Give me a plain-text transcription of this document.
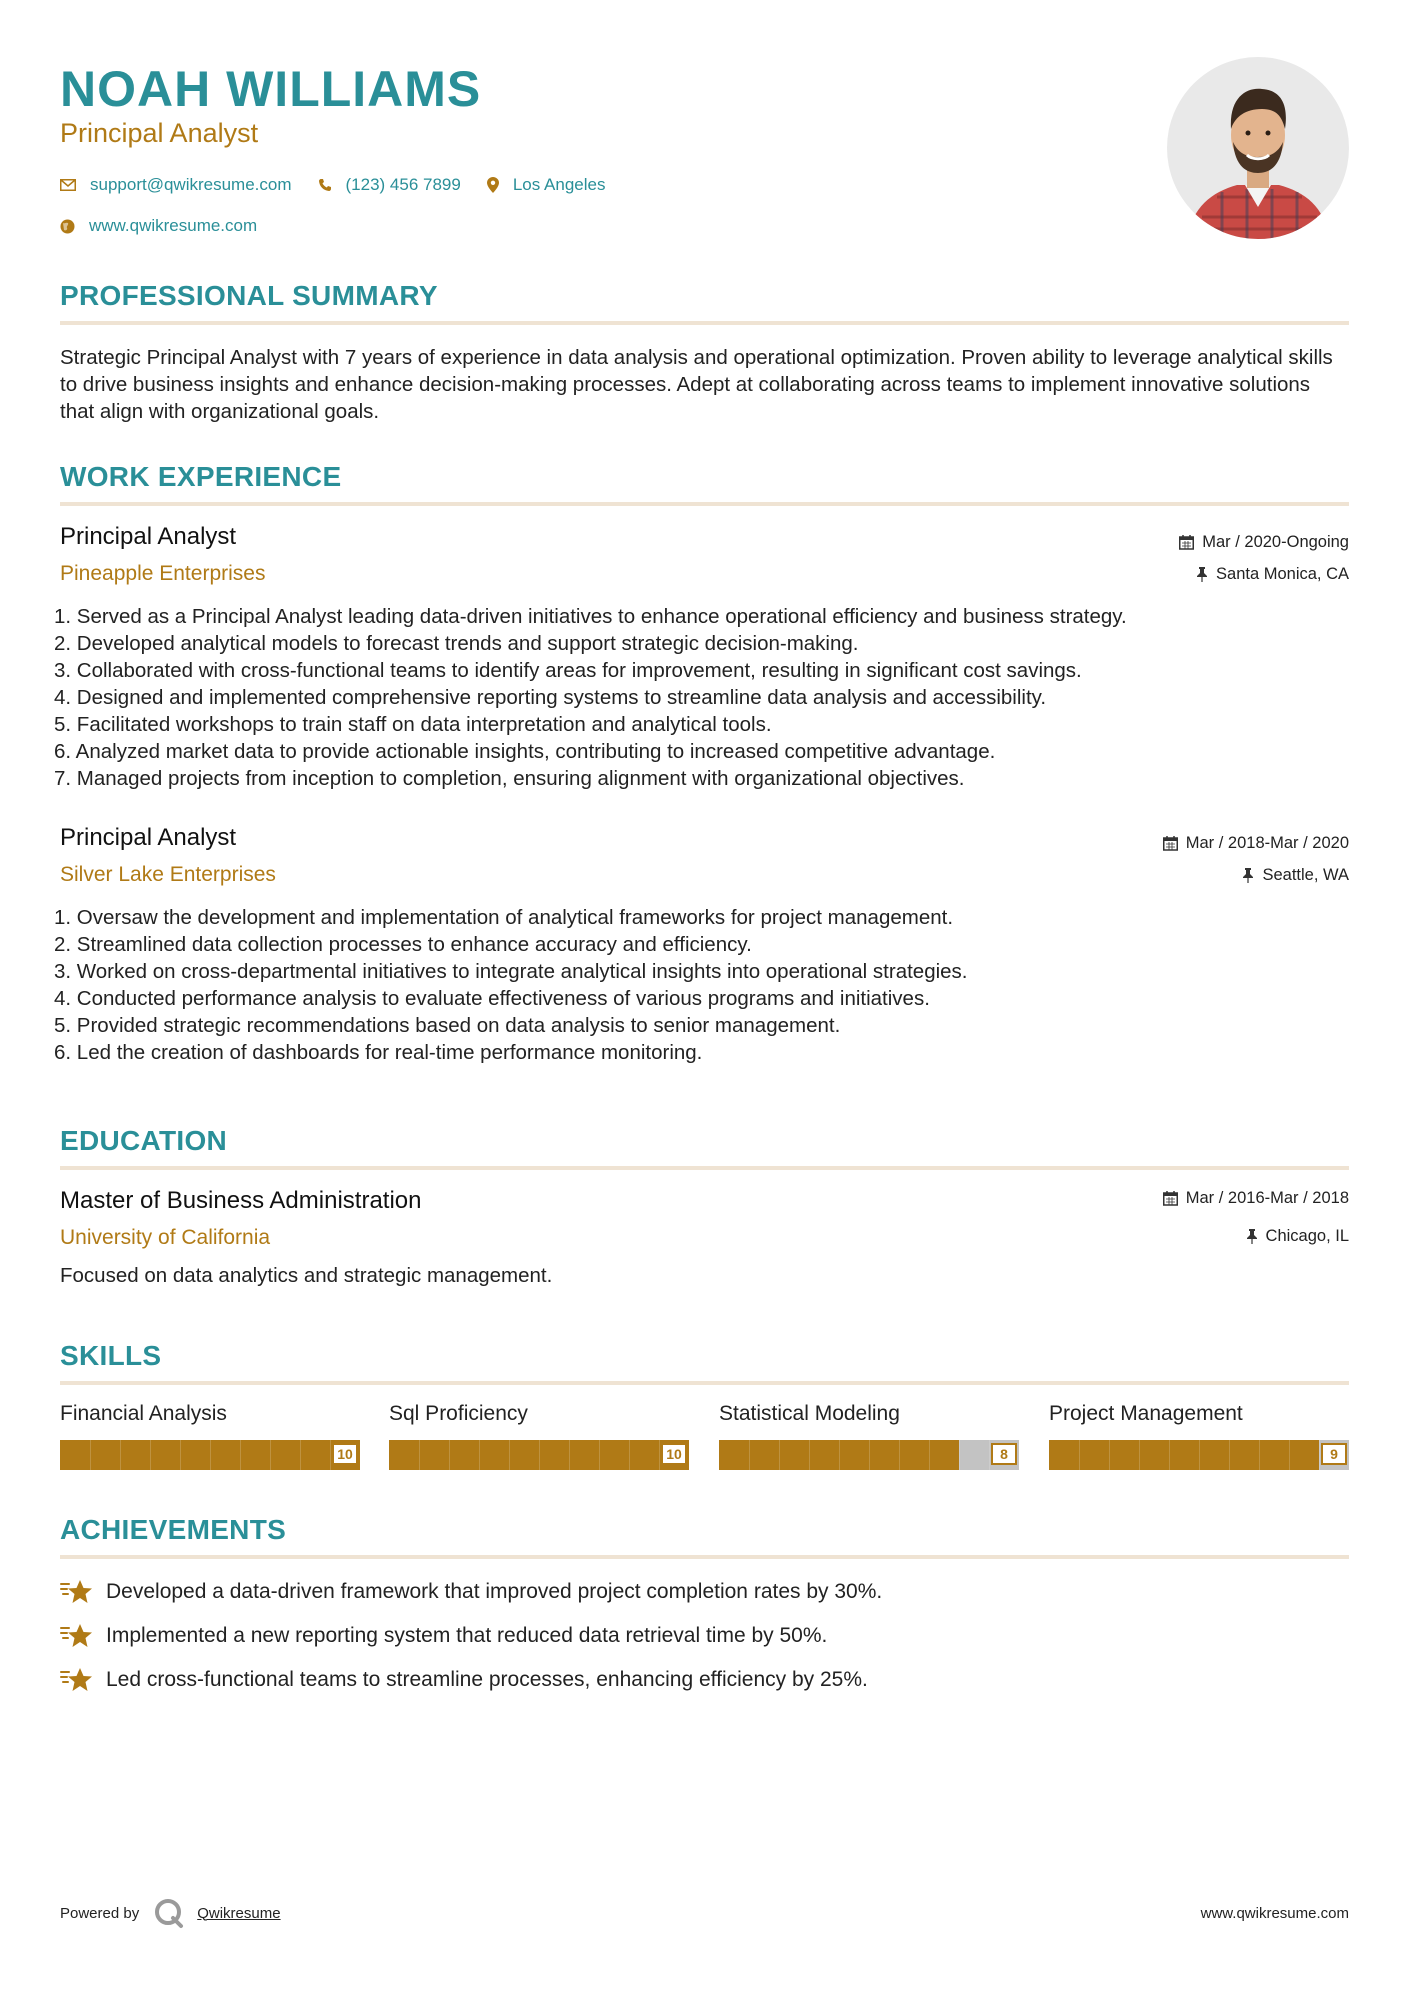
NOAH WILLIAMS
Principal Analyst
support@qwikresume.com	(123) 456 7899	Los Angeles
www.qwikresume.com
PROFESSIONAL SUMMARY
Strategic Principal Analyst with 7 years of experience in data analysis and operational optimization. Proven ability to leverage analytical skills to drive business insights and enhance decision-making processes. Adept at collaborating across teams to implement innovative solutions that align with organizational goals.
WORK EXPERIENCE
Principal Analyst
Pineapple Enterprises
Mar / 2020-Ongoing
Santa Monica, CA
1. Served as a Principal Analyst leading data-driven initiatives to enhance operational efficiency and business strategy.
2. Developed analytical models to forecast trends and support strategic decision-making.
3. Collaborated with cross-functional teams to identify areas for improvement, resulting in significant cost savings.
4. Designed and implemented comprehensive reporting systems to streamline data analysis and accessibility.
5. Facilitated workshops to train staff on data interpretation and analytical tools.
6. Analyzed market data to provide actionable insights, contributing to increased competitive advantage.
7. Managed projects from inception to completion, ensuring alignment with organizational objectives.
Principal Analyst
Silver Lake Enterprises
Mar / 2018-Mar / 2020
Seattle, WA
1. Oversaw the development and implementation of analytical frameworks for project management.
2. Streamlined data collection processes to enhance accuracy and efficiency.
3. Worked on cross-departmental initiatives to integrate analytical insights into operational strategies.
4. Conducted performance analysis to evaluate effectiveness of various programs and initiatives.
5. Provided strategic recommendations based on data analysis to senior management.
6. Led the creation of dashboards for real-time performance monitoring.
EDUCATION
Master of Business Administration
University of California
Mar / 2016-Mar / 2018
Chicago, IL
Focused on data analytics and strategic management.
SKILLS
Financial Analysis
10
Sql Proficiency
10
Statistical Modeling
8
Project Management
9
ACHIEVEMENTS
Developed a data-driven framework that improved project completion rates by 30%.
Implemented a new reporting system that reduced data retrieval time by 50%.
Led cross-functional teams to streamline processes, enhancing efficiency by 25%.
Powered by	Qwikresume	www.qwikresume.com
